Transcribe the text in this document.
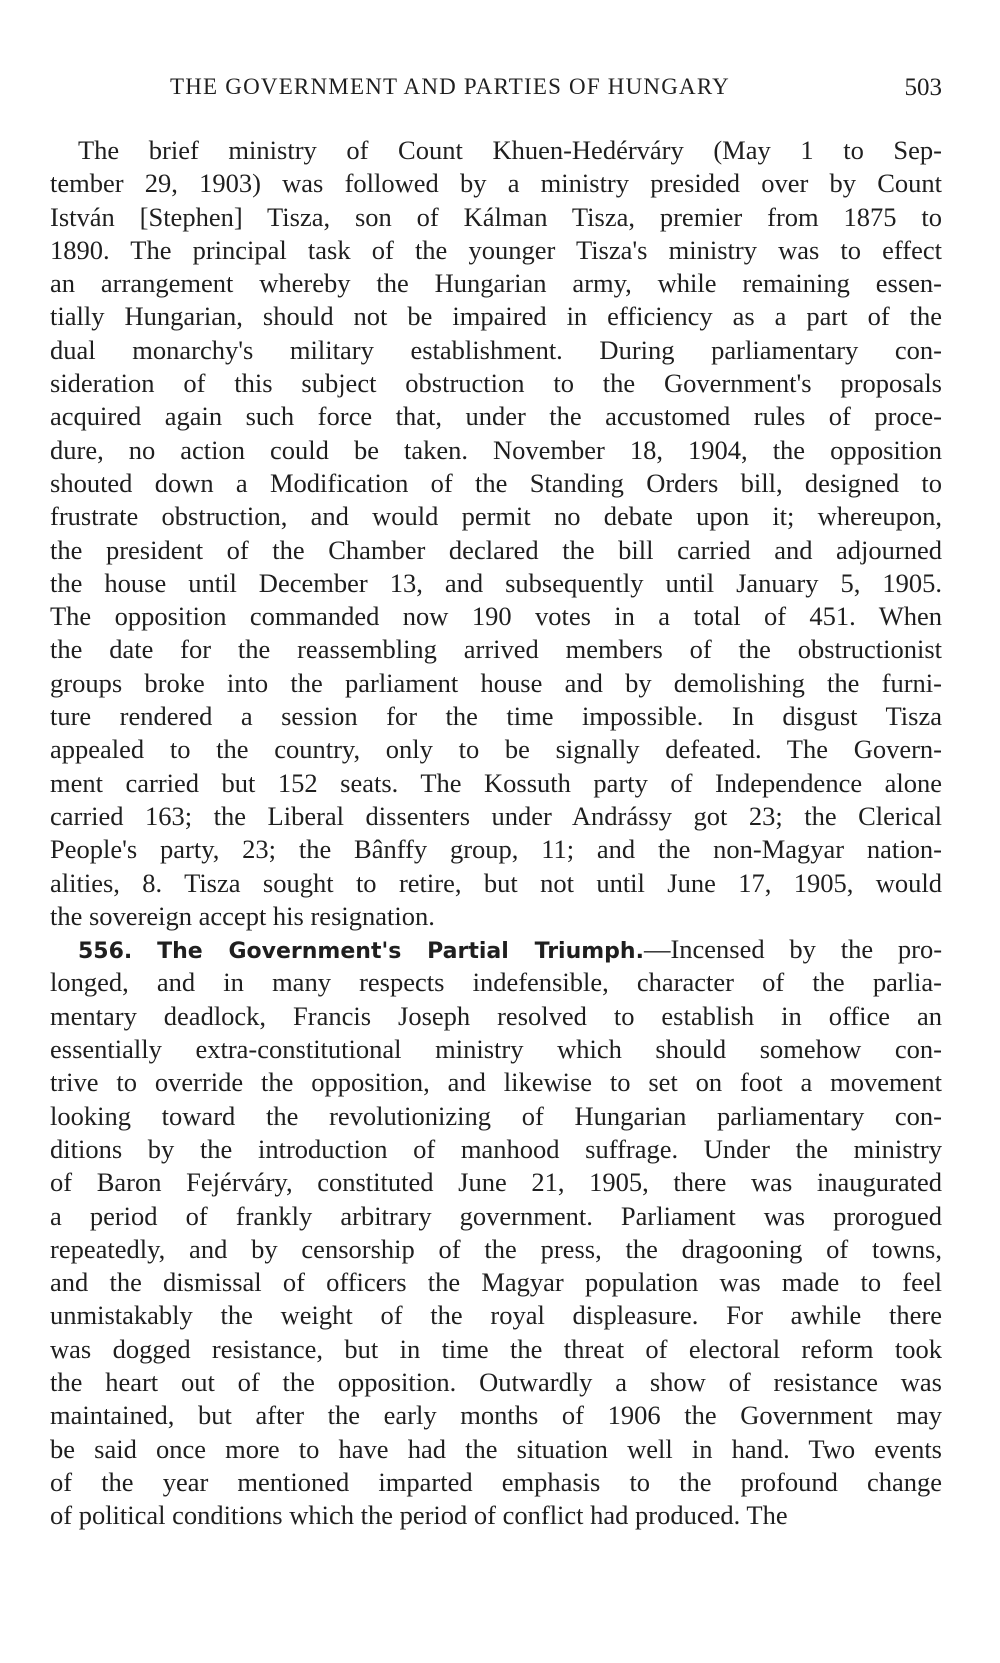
THE GOVERNMENT AND PARTIES OF HUNGARY	503
The brief ministry of Count Khuen-Hedérváry (May 1 to Sep-
tember 29, 1903) was followed by a ministry presided over by Count
István [Stephen] Tisza, son of Kálman Tisza, premier from 1875 to
1890. The principal task of the younger Tisza's ministry was to effect
an arrangement whereby the Hungarian army, while remaining essen-
tially Hungarian, should not be impaired in efficiency as a part of the
dual monarchy's military establishment. During parliamentary con-
sideration of this subject obstruction to the Government's proposals
acquired again such force that, under the accustomed rules of proce-
dure, no action could be taken. November 18, 1904, the opposition
shouted down a Modification of the Standing Orders bill, designed to
frustrate obstruction, and would permit no debate upon it; whereupon,
the president of the Chamber declared the bill carried and adjourned
the house until December 13, and subsequently until January 5, 1905.
The opposition commanded now 190 votes in a total of 451. When
the date for the reassembling arrived members of the obstructionist
groups broke into the parliament house and by demolishing the furni-
ture rendered a session for the time impossible. In disgust Tisza
appealed to the country, only to be signally defeated. The Govern-
ment carried but 152 seats. The Kossuth party of Independence alone
carried 163; the Liberal dissenters under Andrássy got 23; the Clerical
People's party, 23; the Bânffy group, 11; and the non-Magyar nation-
alities, 8. Tisza sought to retire, but not until June 17, 1905, would
the sovereign accept his resignation.
556. The Government's Partial Triumph.—Incensed by the pro-
longed, and in many respects indefensible, character of the parlia-
mentary deadlock, Francis Joseph resolved to establish in office an
essentially extra-constitutional ministry which should somehow con-
trive to override the opposition, and likewise to set on foot a movement
looking toward the revolutionizing of Hungarian parliamentary con-
ditions by the introduction of manhood suffrage. Under the ministry
of Baron Fejérváry, constituted June 21, 1905, there was inaugurated
a period of frankly arbitrary government. Parliament was prorogued
repeatedly, and by censorship of the press, the dragooning of towns,
and the dismissal of officers the Magyar population was made to feel
unmistakably the weight of the royal displeasure. For awhile there
was dogged resistance, but in time the threat of electoral reform took
the heart out of the opposition. Outwardly a show of resistance was
maintained, but after the early months of 1906 the Government may
be said once more to have had the situation well in hand. Two events
of the year mentioned imparted emphasis to the profound change
of political conditions which the period of conflict had produced. The
